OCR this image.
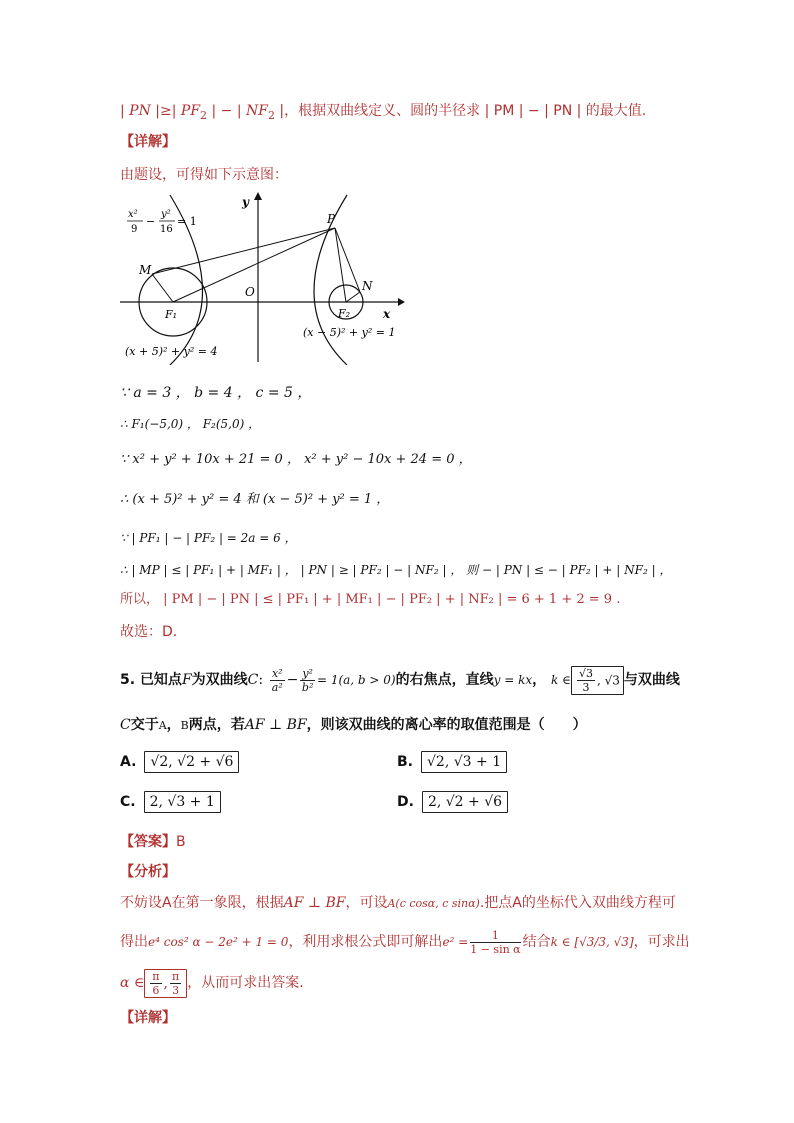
| PN |≥| $PF_2$ | − | $NF_2$ |，根据双曲线定义、圆的半径求 | PM | − | PN | 的最大值.
【详解】
由题设，可得如下示意图：
y
x
O
P
M
N
F₁	F₂
x²
9
−
y²
16
= 1
(x + 5)² + y² = 4
(x − 5)² + y² = 1
∵ a = 3 ， b = 4 ， c = 5 ，
∴ F₁(−5,0) ， F₂(5,0) ，
∵ x² + y² + 10x + 21 = 0 ， x² + y² − 10x + 24 = 0 ，
∴ (x + 5)² + y² = 4 和 (x − 5)² + y² = 1 ，
∵ | PF₁ | − | PF₂ | = 2a = 6 ，
∴ | MP | ≤ | PF₁ | + | MF₁ | ， | PN | ≥ | PF₂ | − | NF₂ | ， 则 − | PN | ≤ − | PF₂ | + | NF₂ | ，
所以， | PM | − | PN | ≤ | PF₁ | + | MF₁ | − | PF₂ | + | NF₂ | = 6 + 1 + 2 = 9 .
故选：D.
5. 已知点F为双曲线C: $\frac{\text{x²}}{\text{a²}} - \frac{\text{y²}}{\text{b²}} = 1(a$, b > 0)的右焦点，直线y = kx， k ∈ $\frac{√3}{3}$ , √3 与双曲线
C交于A，B两点，若AF ⊥ BF，则该双曲线的离心率的取值范围是（　　）
A. √2, √2 + √6	B. √2, √3 + 1
C. 2, √3 + 1	D. 2, √2 + √6
【答案】B
【分析】
不妨设A在第一象限，根据AF ⊥ BF，可设A(c cosα, c sinα).把点A的坐标代入双曲线方程可
得出e⁴ cos² α − 2e² + 1 = 0，利用求根公式即可解出$e^2 = \frac{1}{\text{1 − sin α}}$ 结合k ∈ [√3/3, √3]，可求出
α ∈ $\frac{\pi}{6}$ , $\frac{\pi}{3}$ ，从而可求出答案.
【详解】
